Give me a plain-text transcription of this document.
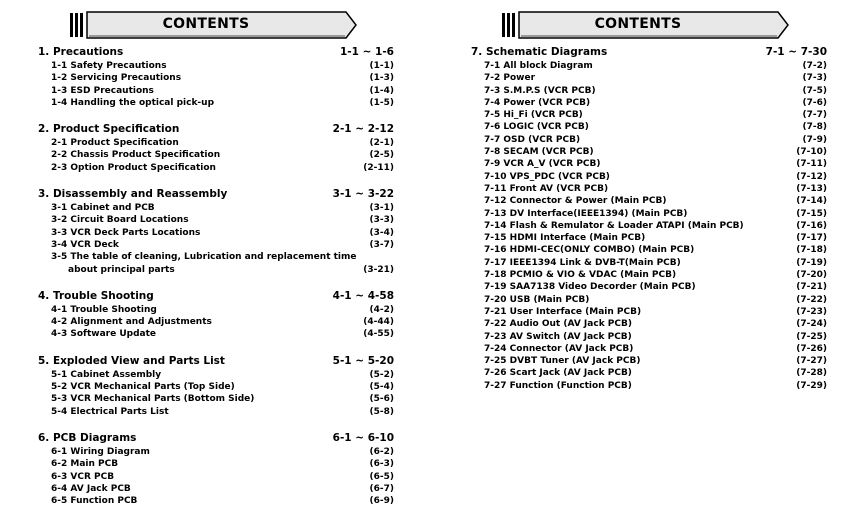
CONTENTS	CONTENTS
1. Precautions	1-1 ~ 1-6
1-1 Safety Precautions	(1-1)
1-2 Servicing Precautions	(1-3)
1-3 ESD Precautions	(1-4)
1-4 Handling the optical pick-up	(1-5)
2. Product Specification	2-1 ~ 2-12
2-1 Product Specification	(2-1)
2-2 Chassis Product Specification	(2-5)
2-3 Option Product Specification	(2-11)
3. Disassembly and Reassembly	3-1 ~ 3-22
3-1 Cabinet and PCB	(3-1)
3-2 Circuit Board Locations	(3-3)
3-3 VCR Deck Parts Locations	(3-4)
3-4 VCR Deck	(3-7)
3-5 The table of cleaning, Lubrication and replacement time
about principal parts	(3-21)
4. Trouble Shooting	4-1 ~ 4-58
4-1 Trouble Shooting	(4-2)
4-2 Alignment and Adjustments	(4-44)
4-3 Software Update	(4-55)
5. Exploded View and Parts List	5-1 ~ 5-20
5-1 Cabinet Assembly	(5-2)
5-2 VCR Mechanical Parts (Top Side)	(5-4)
5-3 VCR Mechanical Parts (Bottom Side)	(5-6)
5-4 Electrical Parts List	(5-8)
6. PCB Diagrams	6-1 ~ 6-10
6-1 Wiring Diagram	(6-2)
6-2 Main PCB	(6-3)
6-3 VCR PCB	(6-5)
6-4 AV Jack PCB	(6-7)
6-5 Function PCB	(6-9)
7. Schematic Diagrams	7-1 ~ 7-30
7-1 All block Diagram	(7-2)
7-2 Power	(7-3)
7-3 S.M.P.S (VCR PCB)	(7-5)
7-4 Power (VCR PCB)	(7-6)
7-5 Hi_Fi (VCR PCB)	(7-7)
7-6 LOGIC (VCR PCB)	(7-8)
7-7 OSD (VCR PCB)	(7-9)
7-8 SECAM (VCR PCB)	(7-10)
7-9 VCR A_V (VCR PCB)	(7-11)
7-10 VPS_PDC (VCR PCB)	(7-12)
7-11 Front AV (VCR PCB)	(7-13)
7-12 Connector & Power (Main PCB)	(7-14)
7-13 DV Interface(IEEE1394) (Main PCB)	(7-15)
7-14 Flash & Remulator & Loader ATAPI (Main PCB)	(7-16)
7-15 HDMI Interface (Main PCB)	(7-17)
7-16 HDMI-CEC(ONLY COMBO) (Main PCB)	(7-18)
7-17 IEEE1394 Link & DVB-T(Main PCB)	(7-19)
7-18 PCMIO & VIO & VDAC (Main PCB)	(7-20)
7-19 SAA7138 Video Decorder (Main PCB)	(7-21)
7-20 USB (Main PCB)	(7-22)
7-21 User Interface (Main PCB)	(7-23)
7-22 Audio Out (AV Jack PCB)	(7-24)
7-23 AV Switch (AV Jack PCB)	(7-25)
7-24 Connector (AV Jack PCB)	(7-26)
7-25 DVBT Tuner (AV Jack PCB)	(7-27)
7-26 Scart Jack (AV Jack PCB)	(7-28)
7-27 Function (Function PCB)	(7-29)
